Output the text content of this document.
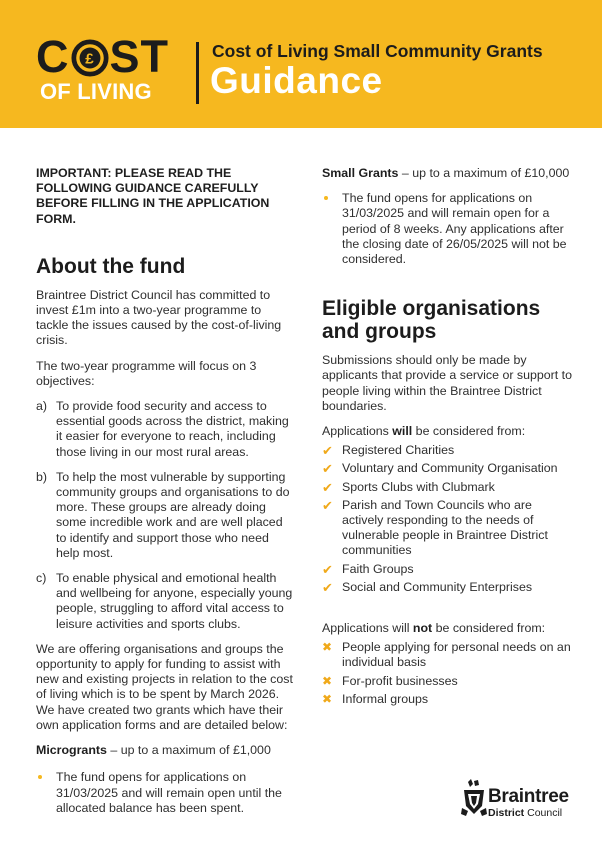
C £ ST
OF LIVING
Cost of Living Small Community Grants
Guidance

IMPORTANT: PLEASE READ THE FOLLOWING GUIDANCE CAREFULLY BEFORE FILLING IN THE APPLICATION FORM.

About the fund

Braintree District Council has committed to invest £1m into a two-year programme to tackle the issues caused by the cost-of-living crisis.

The two-year programme will focus on 3 objectives:

a) To provide food security and access to essential goods across the district, making it easier for everyone to reach, including those living in our most rural areas.
b) To help the most vulnerable by supporting community groups and organisations to do more. These groups are already doing some incredible work and are well placed to identify and support those who need help most.
c) To enable physical and emotional health and wellbeing for anyone, especially young people, struggling to afford vital access to leisure activities and sports clubs.

We are offering organisations and groups the opportunity to apply for funding to assist with new and existing projects in relation to the cost of living which is to be spent by March 2026. We have created two grants which have their own application forms and are detailed below:

Microgrants – up to a maximum of £1,000

The fund opens for applications on 31/03/2025 and will remain open until the allocated balance has been spent.

Small Grants – up to a maximum of £10,000

The fund opens for applications on 31/03/2025 and will remain open for a period of 8 weeks. Any applications after the closing date of 26/05/2025 will not be considered.
Eligible organisations and groups

Submissions should only be made by applicants that provide a service or support to people living within the Braintree District boundaries.

Applications will be considered from:

✔ Registered Charities
✔ Voluntary and Community Organisation
✔ Sports Clubs with Clubmark
✔ Parish and Town Councils who are actively responding to the needs of vulnerable people in Braintree District communities
✔ Faith Groups
✔ Social and Community Enterprises

Applications will not be considered from:

✖ People applying for personal needs on an individual basis
✖ For-profit businesses
✖ Informal groups
Braintree
District Council
